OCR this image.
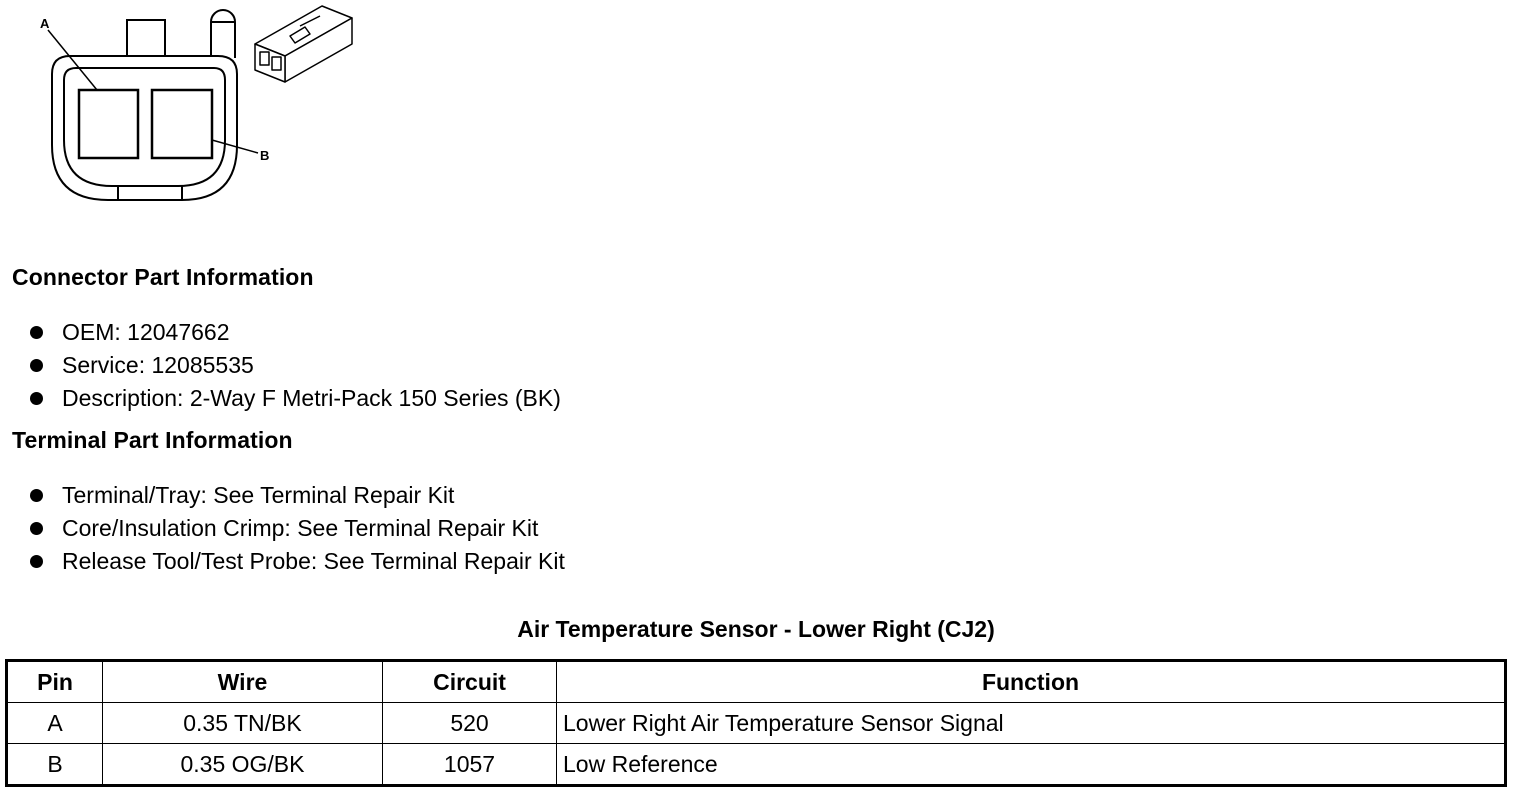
A
B
Connector Part Information
OEM: 12047662
Service: 12085535
Description: 2-Way F Metri-Pack 150 Series (BK)
Terminal Part Information
Terminal/Tray: See Terminal Repair Kit
Core/Insulation Crimp: See Terminal Repair Kit
Release Tool/Test Probe: See Terminal Repair Kit
Air Temperature Sensor - Lower Right (CJ2)
Pin	Wire	Circuit	Function
A	0.35 TN/BK	520	Lower Right Air Temperature Sensor Signal
B	0.35 OG/BK	1057	Low Reference
